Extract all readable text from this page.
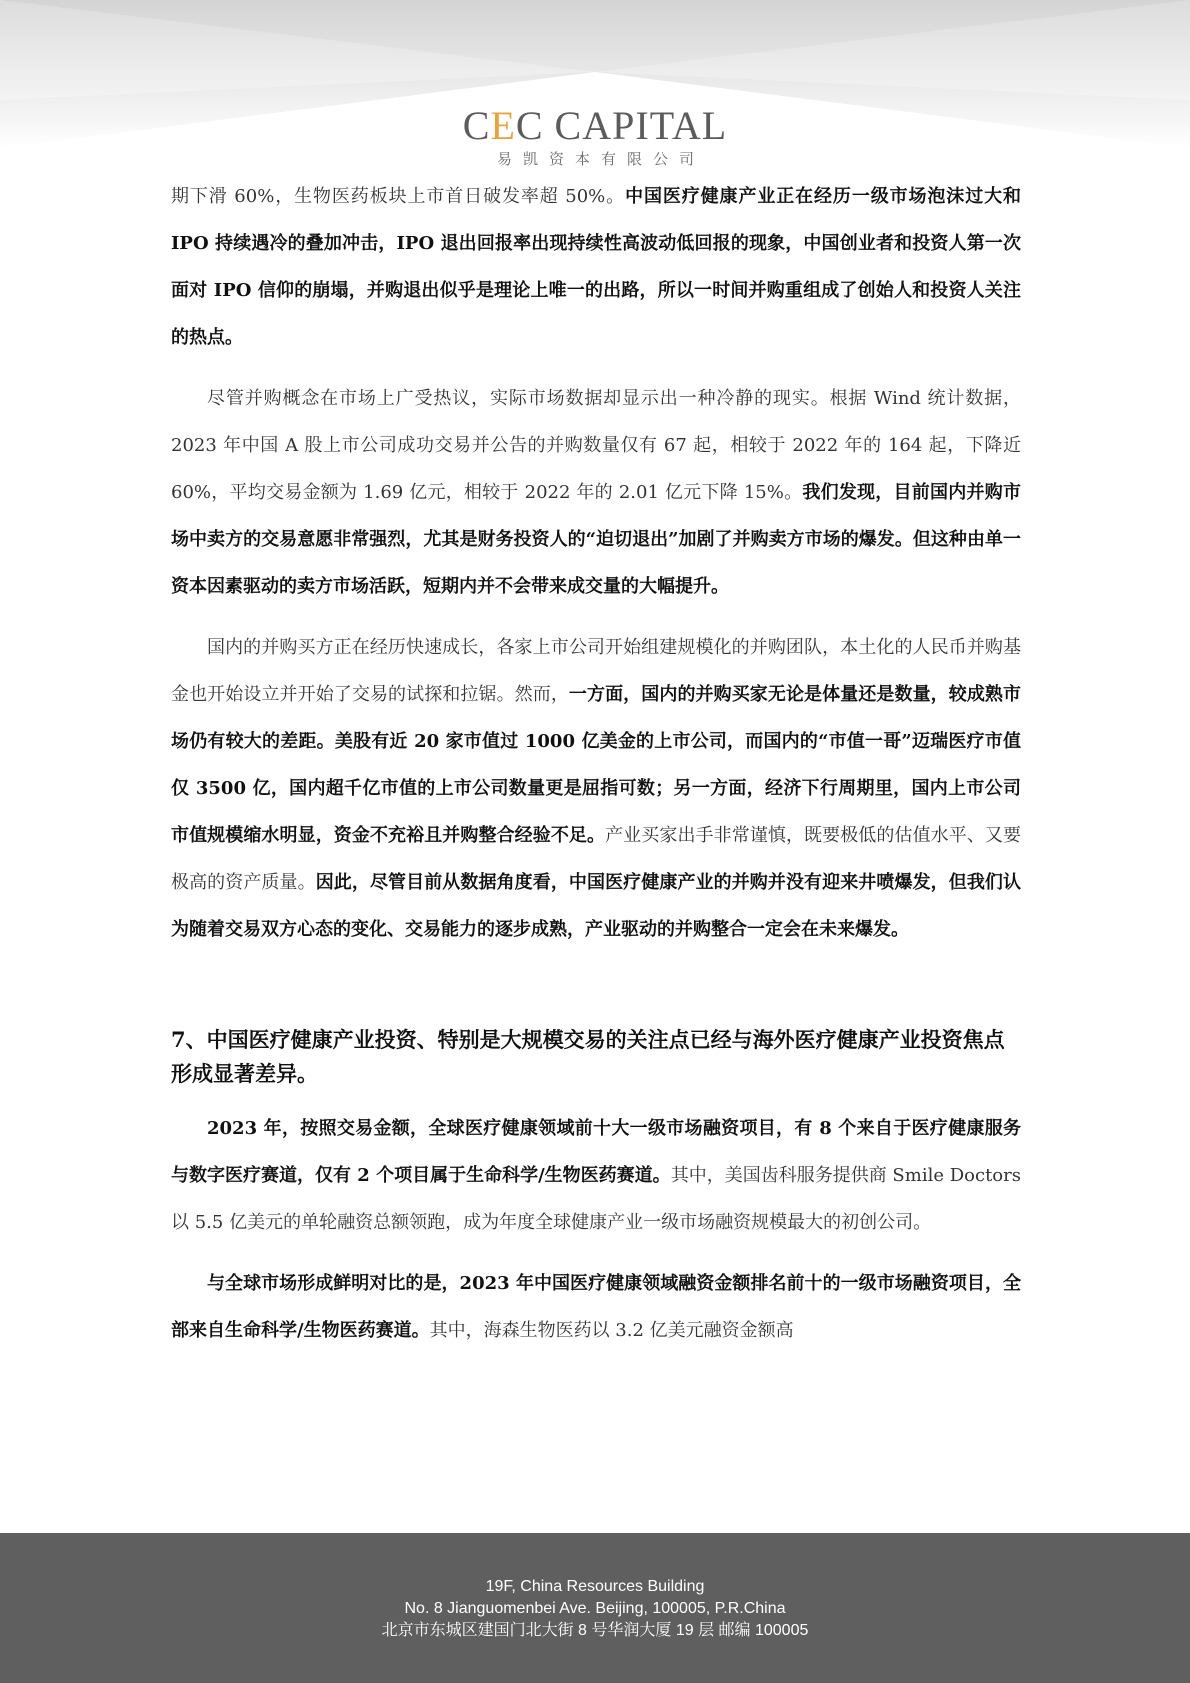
CEC CAPITAL
易凯资本有限公司

期下滑 60%，生物医药板块上市首日破发率超 50%。中国医疗健康产业正在经历一级市场泡沫过大和 IPO 持续遇冷的叠加冲击，IPO 退出回报率出现持续性高波动低回报的现象，中国创业者和投资人第一次面对 IPO 信仰的崩塌，并购退出似乎是理论上唯一的出路，所以一时间并购重组成了创始人和投资人关注的热点。

尽管并购概念在市场上广受热议，实际市场数据却显示出一种冷静的现实。根据 Wind 统计数据，2023 年中国 A 股上市公司成功交易并公告的并购数量仅有 67 起，相较于 2022 年的 164 起，下降近 60%，平均交易金额为 1.69 亿元，相较于 2022 年的 2.01 亿元下降 15%。我们发现，目前国内并购市场中卖方的交易意愿非常强烈，尤其是财务投资人的“迫切退出”加剧了并购卖方市场的爆发。但这种由单一资本因素驱动的卖方市场活跃，短期内并不会带来成交量的大幅提升。

国内的并购买方正在经历快速成长，各家上市公司开始组建规模化的并购团队，本土化的人民币并购基金也开始设立并开始了交易的试探和拉锯。然而，一方面，国内的并购买家无论是体量还是数量，较成熟市场仍有较大的差距。美股有近 20 家市值过 1000 亿美金的上市公司，而国内的“市值一哥”迈瑞医疗市值仅 3500 亿，国内超千亿市值的上市公司数量更是屈指可数；另一方面，经济下行周期里，国内上市公司市值规模缩水明显，资金不充裕且并购整合经验不足。产业买家出手非常谨慎，既要极低的估值水平、又要极高的资产质量。因此，尽管目前从数据角度看，中国医疗健康产业的并购并没有迎来井喷爆发，但我们认为随着交易双方心态的变化、交易能力的逐步成熟，产业驱动的并购整合一定会在未来爆发。

7、中国医疗健康产业投资、特别是大规模交易的关注点已经与海外医疗健康产业投资焦点形成显著差异。

2023 年，按照交易金额，全球医疗健康领域前十大一级市场融资项目，有 8 个来自于医疗健康服务与数字医疗赛道，仅有 2 个项目属于生命科学/生物医药赛道。其中，美国齿科服务提供商 Smile Doctors 以 5.5 亿美元的单轮融资总额领跑，成为年度全球健康产业一级市场融资规模最大的初创公司。

与全球市场形成鲜明对比的是，2023 年中国医疗健康领域融资金额排名前十的一级市场融资项目，全部来自生命科学/生物医药赛道。其中，海森生物医药以 3.2 亿美元融资金额高

19F, China Resources Building
No. 8 Jianguomenbei Ave. Beijing, 100005, P.R.China
北京市东城区建国门北大街 8 号华润大厦 19 层 邮编 100005
